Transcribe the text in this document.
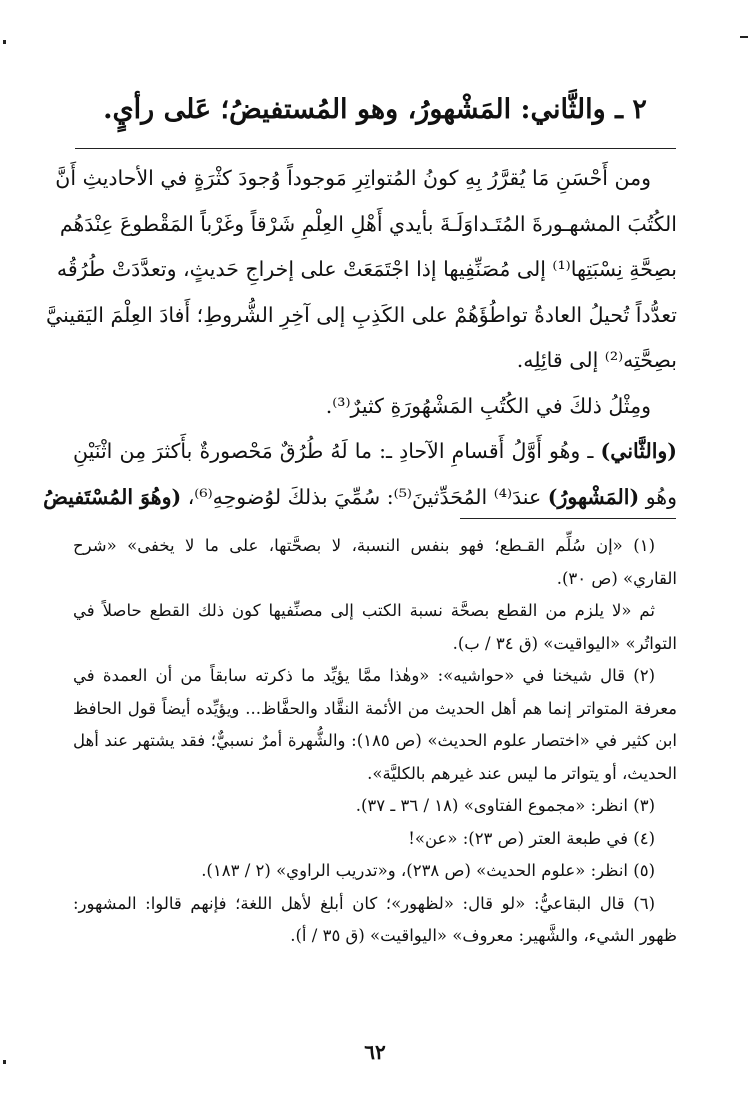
٢ ـ والثَّاني: المَشْهورُ، وهو المُستفيضُ؛ عَلى رأيٍ.
ومن أَحْسَنِ مَا يُقرَّرُ بِهِ كونُ المُتواتِرِ مَوجوداً وُجودَ كثْرَةٍ في الأحاديثِ أَنَّ
الكُتُبَ المشهـورةَ المُتَـداوَلَـةَ بأيدي أَهْلِ العِلْمِ شَرْقاً وغَرْباً المَقْطوعَ عِنْدَهُم
بصِحَّةِ نِسْبَتِها⁽¹⁾ إلى مُصَنِّفِيها إذا اجْتَمَعَتْ على إخراجِ حَديثٍ، وتعدَّدَتْ طُرُقُه
تعدُّداً تُحيلُ العادةُ تواطُؤَهُمْ على الكَذِبِ إلى آخِرِ الشُّروطِ؛ أَفادَ العِلْمَ اليَقينيَّ
بصِحَّتِه⁽²⁾ إلى قائِلِه.
ومِثْلُ ذلكَ في الكُتُبِ المَشْهُورَةِ كثيرٌ⁽³⁾.
(والثَّاني) ـ وهُو أَوَّلُ أَقسامِ الآحادِ ـ: ما لَهُ طُرُقٌ مَحْصورةٌ بأَكثرَ مِن اثْنَيْنِ
وهُو (المَشْهورُ) عندَ⁽⁴⁾ المُحَدِّثينَ⁽⁵⁾: سُمِّيَ بذلكَ لوُضوحِهِ⁽⁶⁾، (وهُوَ المُسْتَفيضُ
(١) «إن سُلِّم القـطع؛ فهو بنفس النسبة، لا بصحَّتها، على ما لا يخفى» «شرح
القاري» (ص ٣٠).
ثم «لا يلزم من القطع بصحَّة نسبة الكتب إلى مصنِّفيها كون ذلك القطع حاصلاً في
التواتُر» «اليواقيت» (ق ٣٤ / ب).
(٢) قال شيخنا في «حواشيه»: «وهٰذا ممَّا يؤيِّد ما ذكرته سابقاً من أن العمدة في
معرفة المتواتر إنما هم أهل الحديث من الأئمة النقَّاد والحفَّاظ... ويؤيِّده أيضاً قول الحافظ
ابن كثير في «اختصار علوم الحديث» (ص ١٨٥): والشُّهرة أمرٌ نسبيٌّ؛ فقد يشتهر عند أهل
الحديث، أو يتواتر ما ليس عند غيرهم بالكليَّة».
(٣) انظر: «مجموع الفتاوى» (١٨ / ٣٦ ـ ٣٧).
(٤) في طبعة العتر (ص ٢٣): «عن»!
(٥) انظر: «علوم الحديث» (ص ٢٣٨)، و«تدريب الراوي» (٢ / ١٨٣).
(٦) قال البقاعيُّ: «لو قال: «لظهور»؛ كان أبلغ لأهل اللغة؛ فإنهم قالوا: المشهور:
ظهور الشيء، والشَّهير: معروف» «اليواقيت» (ق ٣٥ / أ).
٦٢
